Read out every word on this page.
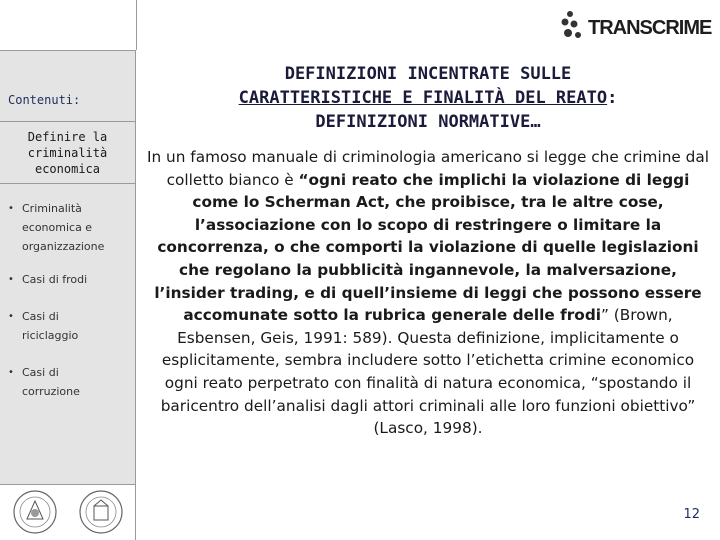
Contenuti:
Definire la
criminalità
economica
• Criminalità
economica e
organizzazione
• Casi di frodi
• Casi di
riciclaggio
• Casi di
corruzione
TRANSCRIME
DEFINIZIONI INCENTRATE SULLE
CARATTERISTICHE E FINALITÀ DEL REATO:
DEFINIZIONI NORMATIVE…
In un famoso manuale di criminologia americano si legge che crimine dal colletto bianco è “ogni reato che implichi la violazione di leggi come lo Scherman Act, che proibisce, tra le altre cose, l’associazione con lo scopo di restringere o limitare la concorrenza, o che comporti la violazione di quelle legislazioni che regolano la pubblicità ingannevole, la malversazione, l’insider trading, e di quell’insieme di leggi che possono essere accomunate sotto la rubrica generale delle frodi” (Brown, Esbensen, Geis, 1991: 589). Questa definizione, implicitamente o esplicitamente, sembra includere sotto l’etichetta crimine economico ogni reato perpetrato con finalità di natura economica, “spostando il baricentro dell’analisi dagli attori criminali alle loro funzioni obiettivo” (Lasco, 1998).
12
